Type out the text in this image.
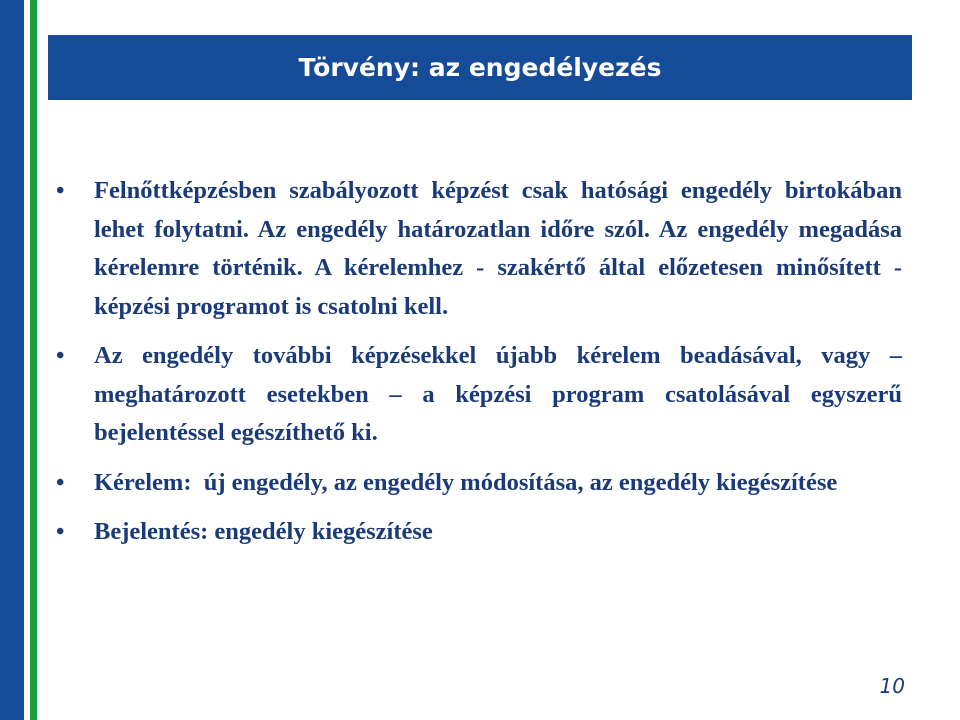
Törvény: az engedélyezés
•	Felnőttképzésben szabályozott képzést csak hatósági engedély birtokában lehet folytatni. Az engedély határozatlan időre szól. Az engedély megadása kérelemre történik. A kérelemhez - szakértő által előzetesen minősített - képzési programot is csatolni kell.
•	Az engedély további képzésekkel újabb kérelem beadásával, vagy – meghatározott esetekben – a képzési program csatolásával egyszerű bejelentéssel egészíthető ki.
•	Kérelem:  új engedély, az engedély módosítása, az engedély kiegészítése
•	Bejelentés: engedély kiegészítése
10
